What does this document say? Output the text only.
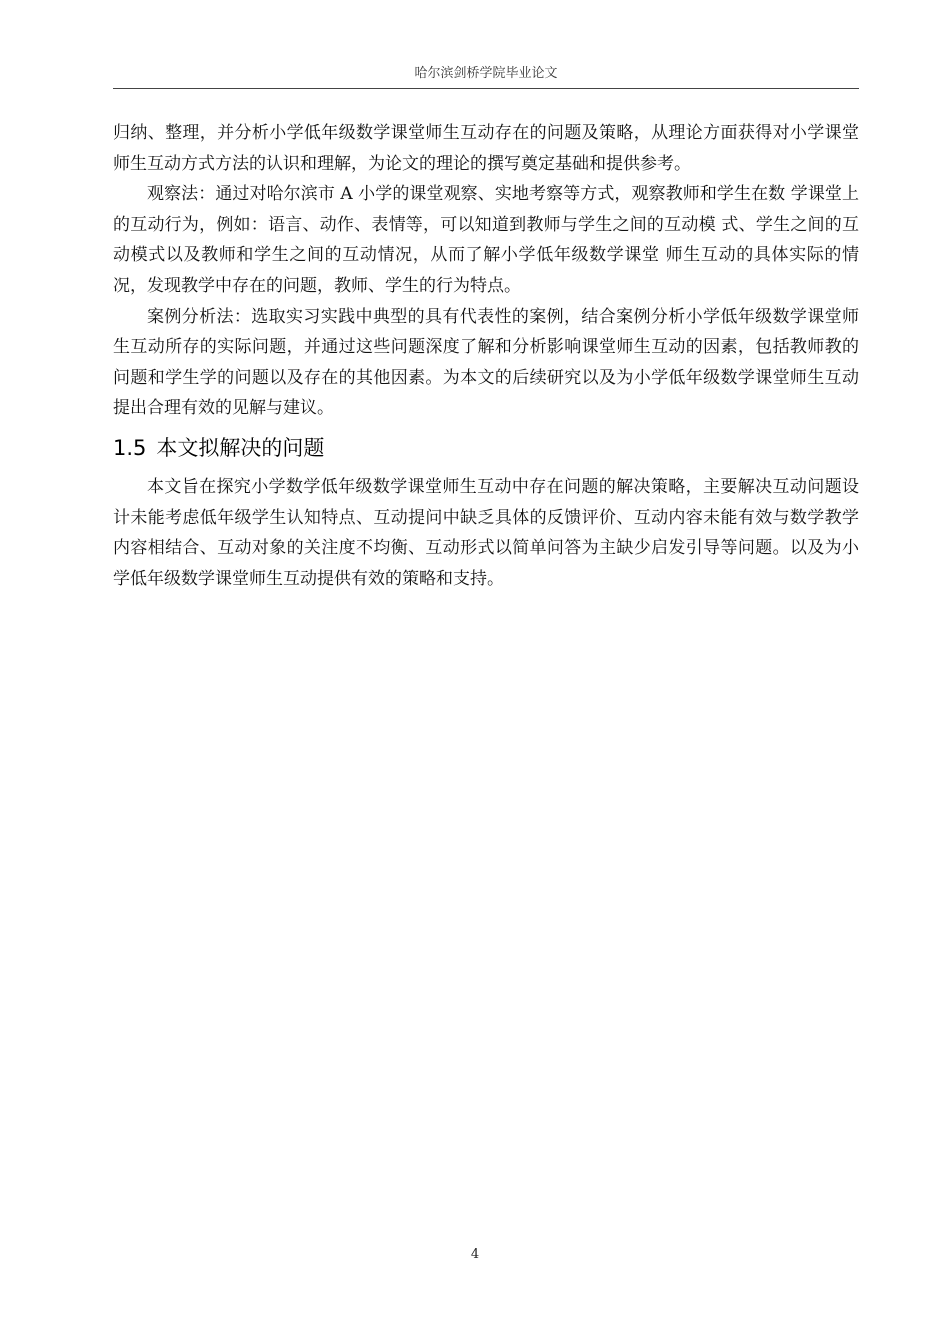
哈尔滨剑桥学院毕业论文

归纳、整理，并分析小学低年级数学课堂师生互动存在的问题及策略，从理论方面获得对小学课堂师生互动方式方法的认识和理解，为论文的理论的撰写奠定基础和提供参考。

观察法：通过对哈尔滨市 A 小学的课堂观察、实地考察等方式，观察教师和学生在数 学课堂上的互动行为，例如：语言、动作、表情等，可以知道到教师与学生之间的互动模 式、学生之间的互动模式以及教师和学生之间的互动情况，从而了解小学低年级数学课堂 师生互动的具体实际的情况，发现教学中存在的问题，教师、学生的行为特点。

案例分析法：选取实习实践中典型的具有代表性的案例，结合案例分析小学低年级数学课堂师生互动所存的实际问题，并通过这些问题深度了解和分析影响课堂师生互动的因素，包括教师教的问题和学生学的问题以及存在的其他因素。为本文的后续研究以及为小学低年级数学课堂师生互动提出合理有效的见解与建议。

1.5 本文拟解决的问题

本文旨在探究小学数学低年级数学课堂师生互动中存在问题的解决策略，主要解决互动问题设计未能考虑低年级学生认知特点、互动提问中缺乏具体的反馈评价、互动内容未能有效与数学教学内容相结合、互动对象的关注度不均衡、互动形式以简单问答为主缺少启发引导等问题。以及为小学低年级数学课堂师生互动提供有效的策略和支持。

4
